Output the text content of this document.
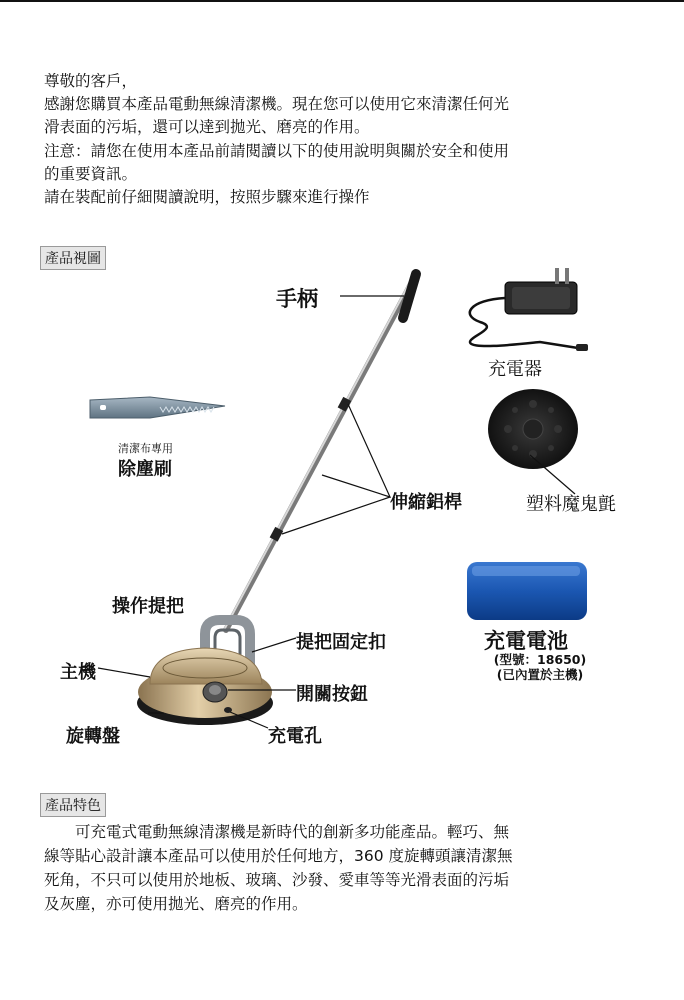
尊敬的客戶，
感謝您購買本產品電動無線清潔機。現在您可以使用它來清潔任何光
滑表面的污垢，還可以達到拋光、磨亮的作用。
注意：請您在使用本產品前請閱讀以下的使用說明與關於安全和使用
的重要資訊。
請在裝配前仔細閱讀說明，按照步驟來進行操作
產品視圖
手柄
充電器
清潔布專用
除塵刷
伸縮鋁桿	塑料魔鬼氈
操作提把
充電電池
(型號：18650)
(已內置於主機)
提把固定扣
主機
開關按鈕
旋轉盤	充電孔
產品特色
　　可充電式電動無線清潔機是新時代的創新多功能產品。輕巧、無
線等貼心設計讓本產品可以使用於任何地方，360 度旋轉頭讓清潔無
死角，不只可以使用於地板、玻璃、沙發、愛車等等光滑表面的污垢
及灰塵，亦可使用拋光、磨亮的作用。
